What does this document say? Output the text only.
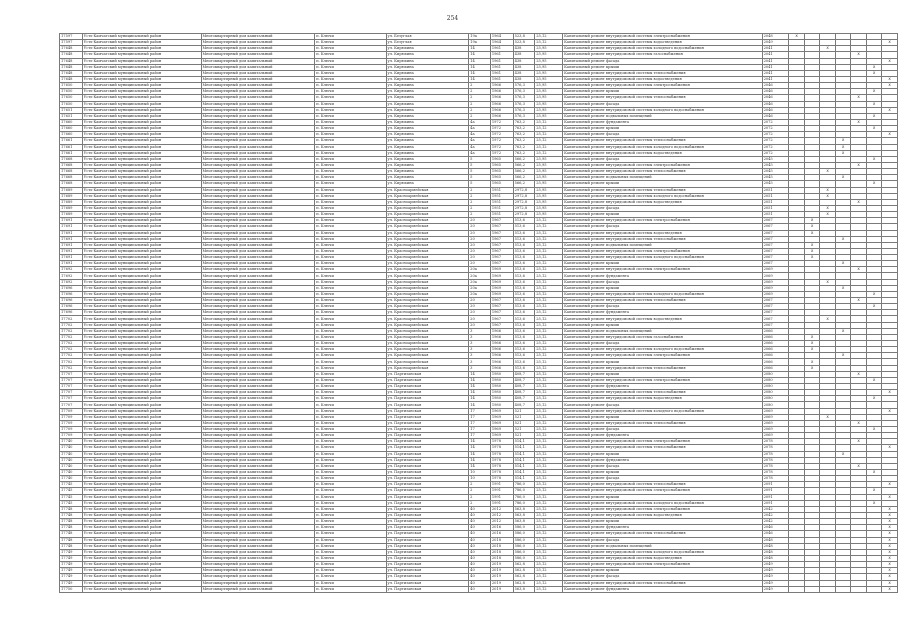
254
17597	Усть-Камчатский муниципальный район	Многоквартирный дом капитальный	п. Ключи	ул. Безуглая	19а	1964	523,8	25,12	Капитальный ремонт внутридомовой системы электроснабжения	2048	X						
17597	Усть-Камчатский муниципальный район	Многоквартирный дом капитальный	п. Ключи	ул. Безуглая	19а	1964	523,8	25,12	Капитальный ремонт внутридомовой системы водоотведения	2049							X
17648	Усть-Камчатский муниципальный район	Многоквартирный дом капитальный	п. Ключи	ул. Кирюхина	14	1961	438	25,95	Капитальный ремонт внутридомовой системы холодного водоснабжения	2041			X				
17648	Усть-Камчатский муниципальный район	Многоквартирный дом капитальный	п. Ключи	ул. Кирюхина	14	1961	438	25,95	Капитальный ремонт внутридомовой системы газоснабжения	2041					X		
17648	Усть-Камчатский муниципальный район	Многоквартирный дом капитальный	п. Ключи	ул. Кирюхина	14	1961	438	25,95	Капитальный ремонт фасада	2041							X
17648	Усть-Камчатский муниципальный район	Многоквартирный дом капитальный	п. Ключи	ул. Кирюхина	14	1961	438	25,95	Капитальный ремонт крыши	2041						X	
17648	Усть-Камчатский муниципальный район	Многоквартирный дом капитальный	п. Ключи	ул. Кирюхина	14	1961	438	25,95	Капитальный ремонт внутридомовой системы теплоснабжения	2041						X	
17648	Усть-Камчатский муниципальный район	Многоквартирный дом капитальный	п. Ключи	ул. Кирюхина	14	1961	438	25,95	Капитальный ремонт внутридомовой системы водоотведения	2041							X
17650	Усть-Камчатский муниципальный район	Многоквартирный дом капитальный	п. Ключи	ул. Кирюхина	2	1966	576,3	25,95	Капитальный ремонт внутридомовой системы электроснабжения	2046							X
17650	Усть-Камчатский муниципальный район	Многоквартирный дом капитальный	п. Ключи	ул. Кирюхина	2	1966	576,3	25,95	Капитальный ремонт крыши	2046						X	
17650	Усть-Камчатский муниципальный район	Многоквартирный дом капитальный	п. Ключи	ул. Кирюхина	2	1966	576,3	25,95	Капитальный ремонт внутридомовой системы теплоснабжения	2046					X		
17650	Усть-Камчатский муниципальный район	Многоквартирный дом капитальный	п. Ключи	ул. Кирюхина	2	1966	576,3	25,95	Капитальный ремонт фасада	2046						X	
17651	Усть-Камчатский муниципальный район	Многоквартирный дом капитальный	п. Ключи	ул. Кирюхина	2	1966	576,3	25,95	Капитальный ремонт внутридомовой системы холодного водоснабжения	2046							X
17651	Усть-Камчатский муниципальный район	Многоквартирный дом капитальный	п. Ключи	ул. Кирюхина	2	1966	576,3	25,95	Капитальный ремонт подвальных помещений	2046						X	
17660	Усть-Камчатский муниципальный район	Многоквартирный дом капитальный	п. Ключи	ул. Кирюхина	4а	1972	763,2	25,12	Капитальный ремонт фундамента	2072					X		
17660	Усть-Камчатский муниципальный район	Многоквартирный дом капитальный	п. Ключи	ул. Кирюхина	4а	1972	763,2	25,12	Капитальный ремонт крыши	2072						X	
17660	Усть-Камчатский муниципальный район	Многоквартирный дом капитальный	п. Ключи	ул. Кирюхина	4а	1972	763,2	25,12	Капитальный ремонт фасада	2072							X
17661	Усть-Камчатский муниципальный район	Многоквартирный дом капитальный	п. Ключи	ул. Кирюхина	4а	1972	763,2	25,12	Капитальный ремонт внутридомовой системы теплоснабжения	2072				X			
17661	Усть-Камчатский муниципальный район	Многоквартирный дом капитальный	п. Ключи	ул. Кирюхина	4а	1972	763,2	25,12	Капитальный ремонт внутридомовой системы холодного водоснабжения	2072				X			
17661	Усть-Камчатский муниципальный район	Многоквартирный дом капитальный	п. Ключи	ул. Кирюхина	4а	1972	763,2	25,12	Капитальный ремонт внутридомовой системы водоотведения	2072				X			
17668	Усть-Камчатский муниципальный район	Многоквартирный дом капитальный	п. Ключи	ул. Кирюхина	5	1965	566,2	25,95	Капитальный ремонт фасада	2045						X	
17668	Усть-Камчатский муниципальный район	Многоквартирный дом капитальный	п. Ключи	ул. Кирюхина	5	1965	566,2	25,95	Капитальный ремонт внутридомовой системы электроснабжения	2045					X		
17668	Усть-Камчатский муниципальный район	Многоквартирный дом капитальный	п. Ключи	ул. Кирюхина	5	1965	566,2	25,95	Капитальный ремонт внутридомовой системы теплоснабжения	2045			X				
17668	Усть-Камчатский муниципальный район	Многоквартирный дом капитальный	п. Ключи	ул. Кирюхина	5	1965	566,2	25,95	Капитальный ремонт подвальных помещений	2045				X			
17668	Усть-Камчатский муниципальный район	Многоквартирный дом капитальный	п. Ключи	ул. Кирюхина	5	1965	566,2	25,95	Капитальный ремонт крыши	2045						X	
17689	Усть-Камчатский муниципальный район	Многоквартирный дом капитальный	п. Ключи	ул. Красноармейская	2	1951	2972,8	25,95	Капитальный ремонт внутридомовой системы теплоснабжения	2051			X				
17689	Усть-Камчатский муниципальный район	Многоквартирный дом капитальный	п. Ключи	ул. Красноармейская	2	1951	2972,8	25,95	Капитальный ремонт внутридомовой системы холодного водоснабжения	2051			X				
17689	Усть-Камчатский муниципальный район	Многоквартирный дом капитальный	п. Ключи	ул. Красноармейская	2	1951	2972,8	25,95	Капитальный ремонт внутридомовой системы водоотведения	2051					X		
17689	Усть-Камчатский муниципальный район	Многоквартирный дом капитальный	п. Ключи	ул. Красноармейская	2	1951	2972,8	25,95	Капитальный ремонт фасада	2051			X				
17689	Усть-Камчатский муниципальный район	Многоквартирный дом капитальный	п. Ключи	ул. Красноармейская	2	1951	2972,8	25,95	Капитальный ремонт крыши	2051			X				
17691	Усть-Камчатский муниципальный район	Многоквартирный дом капитальный	п. Ключи	ул. Красноармейская	20	1967	513,6	25,12	Капитальный ремонт внутридомовой системы электроснабжения	2067		X					
17691	Усть-Камчатский муниципальный район	Многоквартирный дом капитальный	п. Ключи	ул. Красноармейская	20	1967	513,6	25,12	Капитальный ремонт фасада	2067		X					
17691	Усть-Камчатский муниципальный район	Многоквартирный дом капитальный	п. Ключи	ул. Красноармейская	20	1967	513,6	25,12	Капитальный ремонт внутридомовой системы водоотведения	2067		X					
17691	Усть-Камчатский муниципальный район	Многоквартирный дом капитальный	п. Ключи	ул. Красноармейская	20	1967	513,6	25,12	Капитальный ремонт внутридомовой системы теплоснабжения	2067				X			
17691	Усть-Камчатский муниципальный район	Многоквартирный дом капитальный	п. Ключи	ул. Красноармейская	20	1967	513,6	25,12	Капитальный ремонт подвальных помещений	2067		X					
17691	Усть-Камчатский муниципальный район	Многоквартирный дом капитальный	п. Ключи	ул. Красноармейская	20	1967	513,6	25,12	Капитальный ремонт внутридомовой системы электроснабжения	2067		X					
17691	Усть-Камчатский муниципальный район	Многоквартирный дом капитальный	п. Ключи	ул. Красноармейская	20	1967	513,6	25,12	Капитальный ремонт внутридомовой системы холодного водоснабжения	2067		X					
17691	Усть-Камчатский муниципальный район	Многоквартирный дом капитальный	п. Ключи	ул. Красноармейская	20	1967	513,6	25,12	Капитальный ремонт крыши	2067				X			
17692	Усть-Камчатский муниципальный район	Многоквартирный дом капитальный	п. Ключи	ул. Красноармейская	20а	1969	513,6	25,12	Капитальный ремонт внутридомовой системы электроснабжения	2069					X		
17692	Усть-Камчатский муниципальный район	Многоквартирный дом капитальный	п. Ключи	ул. Красноармейская	20а	1969	513,6	25,12	Капитальный ремонт фундамента	2069							
17692	Усть-Камчатский муниципальный район	Многоквартирный дом капитальный	п. Ключи	ул. Красноармейская	20а	1969	513,6	25,12	Капитальный ремонт фасада	2069			X				
17696	Усть-Камчатский муниципальный район	Многоквартирный дом капитальный	п. Ключи	ул. Красноармейская	20а	1969	513,6	25,12	Капитальный ремонт крыши	2069				X			
17696	Усть-Камчатский муниципальный район	Многоквартирный дом капитальный	п. Ключи	ул. Красноармейская	20а	1969	513,6	25,12	Капитальный ремонт внутридомовой системы холодного водоснабжения	2069						X	
17696	Усть-Камчатский муниципальный район	Многоквартирный дом капитальный	п. Ключи	ул. Красноармейская	20	1967	513,6	25,12	Капитальный ремонт внутридомовой системы теплоснабжения	2067					X		
17696	Усть-Камчатский муниципальный район	Многоквартирный дом капитальный	п. Ключи	ул. Красноармейская	20	1967	513,6	25,12	Капитальный ремонт фасада	2067						X	
17696	Усть-Камчатский муниципальный район	Многоквартирный дом капитальный	п. Ключи	ул. Красноармейская	20	1967	513,6	25,12	Капитальный ремонт фундамента	2067							
17702	Усть-Камчатский муниципальный район	Многоквартирный дом капитальный	п. Ключи	ул. Красноармейская	20	1967	513,6	25,12	Капитальный ремонт внутридомовой системы водоотведения	2067			X				
17702	Усть-Камчатский муниципальный район	Многоквартирный дом капитальный	п. Ключи	ул. Красноармейская	20	1967	513,6	25,12	Капитальный ремонт крыши	2067							
17702	Усть-Камчатский муниципальный район	Многоквартирный дом капитальный	п. Ключи	ул. Красноармейская	3	1966	513,6	25,12	Капитальный ремонт подвальных помещений	2066				X			
17702	Усть-Камчатский муниципальный район	Многоквартирный дом капитальный	п. Ключи	ул. Красноармейская	3	1966	513,6	25,12	Капитальный ремонт внутридомовой системы газоснабжения	2066		X					
17702	Усть-Камчатский муниципальный район	Многоквартирный дом капитальный	п. Ключи	ул. Красноармейская	3	1966	513,6	25,12	Капитальный ремонт фасада	2066		X					
17702	Усть-Камчатский муниципальный район	Многоквартирный дом капитальный	п. Ключи	ул. Красноармейская	3	1966	513,6	25,12	Капитальный ремонт внутридомовой системы холодного водоснабжения	2066		X					
17702	Усть-Камчатский муниципальный район	Многоквартирный дом капитальный	п. Ключи	ул. Красноармейская	3	1966	513,6	25,12	Капитальный ремонт внутридомовой системы электроснабжения	2066				X			
17702	Усть-Камчатский муниципальный район	Многоквартирный дом капитальный	п. Ключи	ул. Красноармейская	3	1966	513,6	25,12	Капитальный ремонт крыши	2066		X					
17702	Усть-Камчатский муниципальный район	Многоквартирный дом капитальный	п. Ключи	ул. Красноармейская	3	1966	513,6	25,12	Капитальный ремонт внутридомовой системы теплоснабжения	2066		X					
17707	Усть-Камчатский муниципальный район	Многоквартирный дом капитальный	п. Ключи	ул. Партизанская	14	1980	408,7	25,12	Капитальный ремонт крыши	2080					X		
17707	Усть-Камчатский муниципальный район	Многоквартирный дом капитальный	п. Ключи	ул. Партизанская	14	1980	408,7	25,12	Капитальный ремонт внутридомовой системы электроснабжения	2080						X	
17707	Усть-Камчатский муниципальный район	Многоквартирный дом капитальный	п. Ключи	ул. Партизанская	14	1980	408,7	25,12	Капитальный ремонт фундамента	2080							
17707	Усть-Камчатский муниципальный район	Многоквартирный дом капитальный	п. Ключи	ул. Партизанская	14	1980	408,7	25,12	Капитальный ремонт внутридомовой системы теплоснабжения	2080							X
17707	Усть-Камчатский муниципальный район	Многоквартирный дом капитальный	п. Ключи	ул. Партизанская	14	1980	408,7	25,12	Капитальный ремонт внутридомовой системы водоотведения	2080						X	
17707	Усть-Камчатский муниципальный район	Многоквартирный дом капитальный	п. Ключи	ул. Партизанская	14	1980	408,7	25,12	Капитальный ремонт фасада	2080							
17709	Усть-Камчатский муниципальный район	Многоквартирный дом капитальный	п. Ключи	ул. Партизанская	17	1969	521	25,12	Капитальный ремонт внутридомовой системы холодного водоснабжения	2069							X
17709	Усть-Камчатский муниципальный район	Многоквартирный дом капитальный	п. Ключи	ул. Партизанская	17	1969	521	25,12	Капитальный ремонт крыши	2069			X				
17709	Усть-Камчатский муниципальный район	Многоквартирный дом капитальный	п. Ключи	ул. Партизанская	17	1969	521	25,12	Капитальный ремонт внутридомовой системы теплоснабжения	2069					X		
17709	Усть-Камчатский муниципальный район	Многоквартирный дом капитальный	п. Ключи	ул. Партизанская	17	1969	521	25,12	Капитальный ремонт фасада	2069						X	
17709	Усть-Камчатский муниципальный район	Многоквартирный дом капитальный	п. Ключи	ул. Партизанская	17	1969	521	25,12	Капитальный ремонт фундамента	2069							
17740	Усть-Камчатский муниципальный район	Многоквартирный дом капитальный	п. Ключи	ул. Партизанская	14	1978	514,1	25,12	Капитальный ремонт внутридомовой системы электроснабжения	2078					X		
17740	Усть-Камчатский муниципальный район	Многоквартирный дом капитальный	п. Ключи	ул. Партизанская	14	1978	514,1	25,12	Капитальный ремонт внутридомовой системы теплоснабжения	2078							X
17740	Усть-Камчатский муниципальный район	Многоквартирный дом капитальный	п. Ключи	ул. Партизанская	14	1978	514,1	25,12	Капитальный ремонт крыши	2078				X			
17740	Усть-Камчатский муниципальный район	Многоквартирный дом капитальный	п. Ключи	ул. Партизанская	14	1978	514,1	25,12	Капитальный ремонт фундамента	2078							
17740	Усть-Камчатский муниципальный район	Многоквартирный дом капитальный	п. Ключи	ул. Партизанская	14	1978	514,1	25,12	Капитальный ремонт фасада	2078					X		
17740	Усть-Камчатский муниципальный район	Многоквартирный дом капитальный	п. Ключи	ул. Партизанская	10	1978	514,1	25,12	Капитальный ремонт крыши	2078						X	
17740	Усть-Камчатский муниципальный район	Многоквартирный дом капитальный	п. Ключи	ул. Партизанская	10	1978	514,1	25,12	Капитальный ремонт фасада	2078							
17745	Усть-Камчатский муниципальный район	Многоквартирный дом капитальный	п. Ключи	ул. Партизанская	2	1991	786,0	25,12	Капитальный ремонт внутридомовой системы теплоснабжения	2091							X
17745	Усть-Камчатский муниципальный район	Многоквартирный дом капитальный	п. Ключи	ул. Партизанская	2	1991	786,0	25,12	Капитальный ремонт внутридомовой системы электроснабжения	2091						X	
17745	Усть-Камчатский муниципальный район	Многоквартирный дом капитальный	п. Ключи	ул. Партизанская	2	1991	786,0	25,12	Капитальный ремонт крыши	2091							X
17745	Усть-Камчатский муниципальный район	Многоквартирный дом капитальный	п. Ключи	ул. Партизанская	2	1991	786,0	25,12	Капитальный ремонт внутридомовой системы холодного водоснабжения	2091						X	
17748	Усть-Камчатский муниципальный район	Многоквартирный дом капитальный	п. Ключи	ул. Партизанская	40	2012	563,8	25,12	Капитальный ремонт внутридомовой системы электроснабжения	2042							X
17748	Усть-Камчатский муниципальный район	Многоквартирный дом капитальный	п. Ключи	ул. Партизанская	40	2012	563,8	25,12	Капитальный ремонт внутридомовой системы водоотведения	2042							X
17748	Усть-Камчатский муниципальный район	Многоквартирный дом капитальный	п. Ключи	ул. Партизанская	40	2012	563,8	25,12	Капитальный ремонт крыши	2042							X
17748	Усть-Камчатский муниципальный район	Многоквартирный дом капитальный	п. Ключи	ул. Партизанская	40	2016	586,0	25,12	Капитальный ремонт фундамента	2046							X
17748	Усть-Камчатский муниципальный район	Многоквартирный дом капитальный	п. Ключи	ул. Партизанская	40	2016	586,0	25,12	Капитальный ремонт внутридомовой системы теплоснабжения	2046							X
17748	Усть-Камчатский муниципальный район	Многоквартирный дом капитальный	п. Ключи	ул. Партизанская	40	2018	586,0	25,12	Капитальный ремонт фасада	2048							X
17748	Усть-Камчатский муниципальный район	Многоквартирный дом капитальный	п. Ключи	ул. Партизанская	40	2018	586,0	25,12	Капитальный ремонт подвальных помещений	2048							X
17749	Усть-Камчатский муниципальный район	Многоквартирный дом капитальный	п. Ключи	ул. Партизанская	40	2018	586,0	25,12	Капитальный ремонт внутридомовой системы холодного водоснабжения	2048							X
17749	Усть-Камчатский муниципальный район	Многоквартирный дом капитальный	п. Ключи	ул. Партизанская	40	2018	586,0	25,12	Капитальный ремонт внутридомовой системы водоотведения	2048							X
17749	Усть-Камчатский муниципальный район	Многоквартирный дом капитальный	п. Ключи	ул. Партизанская	40	2019	562,8	25,12	Капитальный ремонт внутридомовой системы электроснабжения	2049							X
17749	Усть-Камчатский муниципальный район	Многоквартирный дом капитальный	п. Ключи	ул. Партизанская	40	2019	562,8	25,12	Капитальный ремонт крыши	2049							X
17749	Усть-Камчатский муниципальный район	Многоквартирный дом капитальный	п. Ключи	ул. Партизанская	40	2019	562,8	25,12	Капитальный ремонт фасада	2049							X
17749	Усть-Камчатский муниципальный район	Многоквартирный дом капитальный	п. Ключи	ул. Партизанская	40	2019	562,8	25,12	Капитальный ремонт внутридомовой системы теплоснабжения	2049							X
17750	Усть-Камчатский муниципальный район	Многоквартирный дом капитальный	п. Ключи	ул. Партизанская	40	2019	563,8	25,12	Капитальный ремонт фундамента	2049							X
